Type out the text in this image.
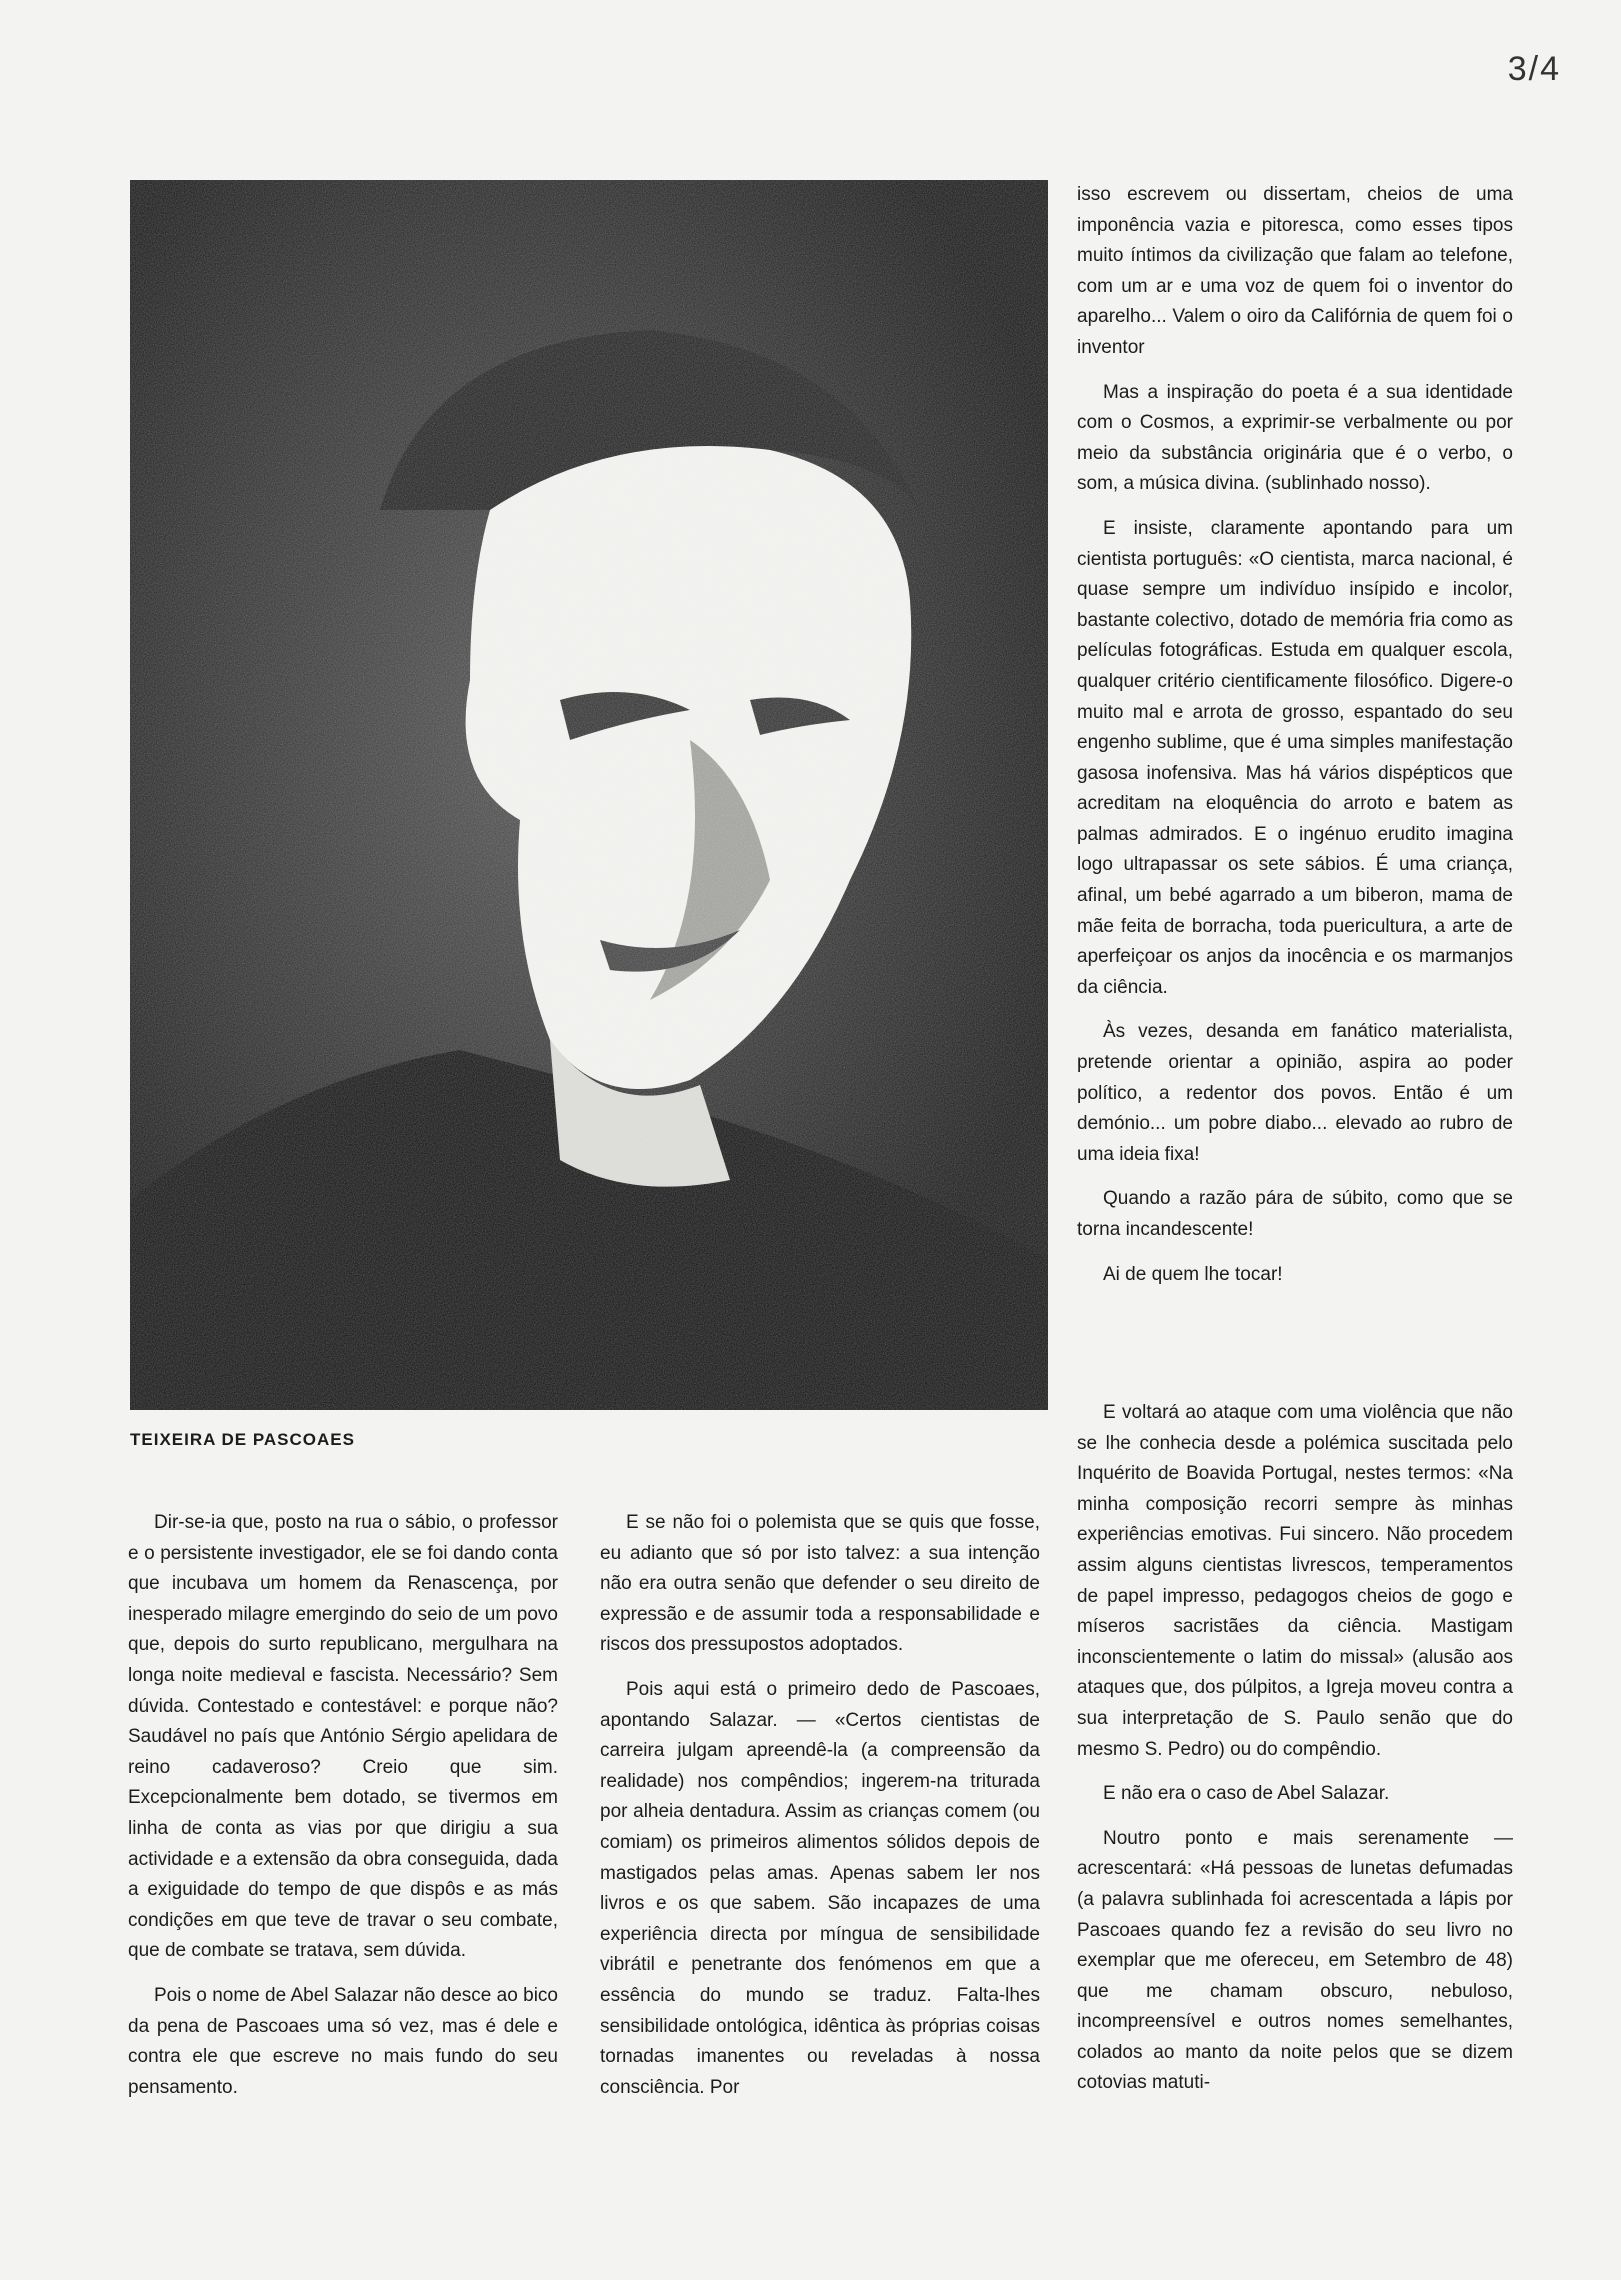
3/4
TEIXEIRA DE PASCOAES

isso escrevem ou dissertam, cheios de uma imponência vazia e pitoresca, como esses tipos muito íntimos da civilização que falam ao telefone, com um ar e uma voz de quem foi o inventor do aparelho... Valem o oiro da Califórnia de quem foi o inventor

Mas a inspiração do poeta é a sua identidade com o Cosmos, a exprimir-se verbalmente ou por meio da substância originária que é o verbo, o som, a música divina. (sublinhado nosso).

E insiste, claramente apontando para um cientista português: «O cientista, marca nacional, é quase sempre um indivíduo insípido e incolor, bastante colectivo, dotado de memória fria como as películas fotográficas. Estuda em qualquer escola, qualquer critério cientificamente filosófico. Digere-o muito mal e arrota de grosso, espantado do seu engenho sublime, que é uma simples manifestação gasosa inofensiva. Mas há vários dispépticos que acreditam na eloquência do arroto e batem as palmas admirados. E o ingénuo erudito imagina logo ultrapassar os sete sábios. É uma criança, afinal, um bebé agarrado a um biberon, mama de mãe feita de borracha, toda puericultura, a arte de aperfeiçoar os anjos da inocência e os marmanjos da ciência.

Às vezes, desanda em fanático materialista, pretende orientar a opinião, aspira ao poder político, a redentor dos povos. Então é um demónio... um pobre diabo... elevado ao rubro de uma ideia fixa!

Quando a razão pára de súbito, como que se torna incandescente!

Ai de quem lhe tocar!

E voltará ao ataque com uma violência que não se lhe conhecia desde a polémica suscitada pelo Inquérito de Boavida Portugal, nestes termos: «Na minha composição recorri sempre às minhas experiências emotivas. Fui sincero. Não procedem assim alguns cientistas livrescos, temperamentos de papel impresso, pedagogos cheios de gogo e míseros sacristães da ciência. Mastigam inconscientemente o latim do missal» (alusão aos ataques que, dos púlpitos, a Igreja moveu contra a sua interpretação de S. Paulo senão que do mesmo S. Pedro) ou do compêndio.

E não era o caso de Abel Salazar.

Noutro ponto e mais serenamente — acrescentará: «Há pessoas de lunetas defumadas (a palavra sublinhada foi acrescentada a lápis por Pascoaes quando fez a revisão do seu livro no exemplar que me ofereceu, em Setembro de 48) que me chamam obscuro, nebuloso, incompreensível e outros nomes semelhantes, colados ao manto da noite pelos que se dizem cotovias matuti-

Dir-se-ia que, posto na rua o sábio, o professor e o persistente investigador, ele se foi dando conta que incubava um homem da Renascença, por inesperado milagre emergindo do seio de um povo que, depois do surto republicano, mergulhara na longa noite medieval e fascista. Necessário? Sem dúvida. Contestado e contestável: e porque não? Saudável no país que António Sérgio apelidara de reino cadaveroso? Creio que sim. Excepcionalmente bem dotado, se tivermos em linha de conta as vias por que dirigiu a sua actividade e a extensão da obra conseguida, dada a exiguidade do tempo de que dispôs e as más condições em que teve de travar o seu combate, que de combate se tratava, sem dúvida.

Pois o nome de Abel Salazar não desce ao bico da pena de Pascoaes uma só vez, mas é dele e contra ele que escreve no mais fundo do seu pensamento.

E se não foi o polemista que se quis que fosse, eu adianto que só por isto talvez: a sua intenção não era outra senão que defender o seu direito de expressão e de assumir toda a responsabilidade e riscos dos pressupostos adoptados.

Pois aqui está o primeiro dedo de Pascoaes, apontando Salazar. — «Certos cientistas de carreira julgam apreendê-la (a compreensão da realidade) nos compêndios; ingerem-na triturada por alheia dentadura. Assim as crianças comem (ou comiam) os primeiros alimentos sólidos depois de mastigados pelas amas. Apenas sabem ler nos livros e os que sabem. São incapazes de uma experiência directa por míngua de sensibilidade vibrátil e penetrante dos fenómenos em que a essência do mundo se traduz. Falta-lhes sensibilidade ontológica, idêntica às próprias coisas tornadas imanentes ou reveladas à nossa consciência. Por
